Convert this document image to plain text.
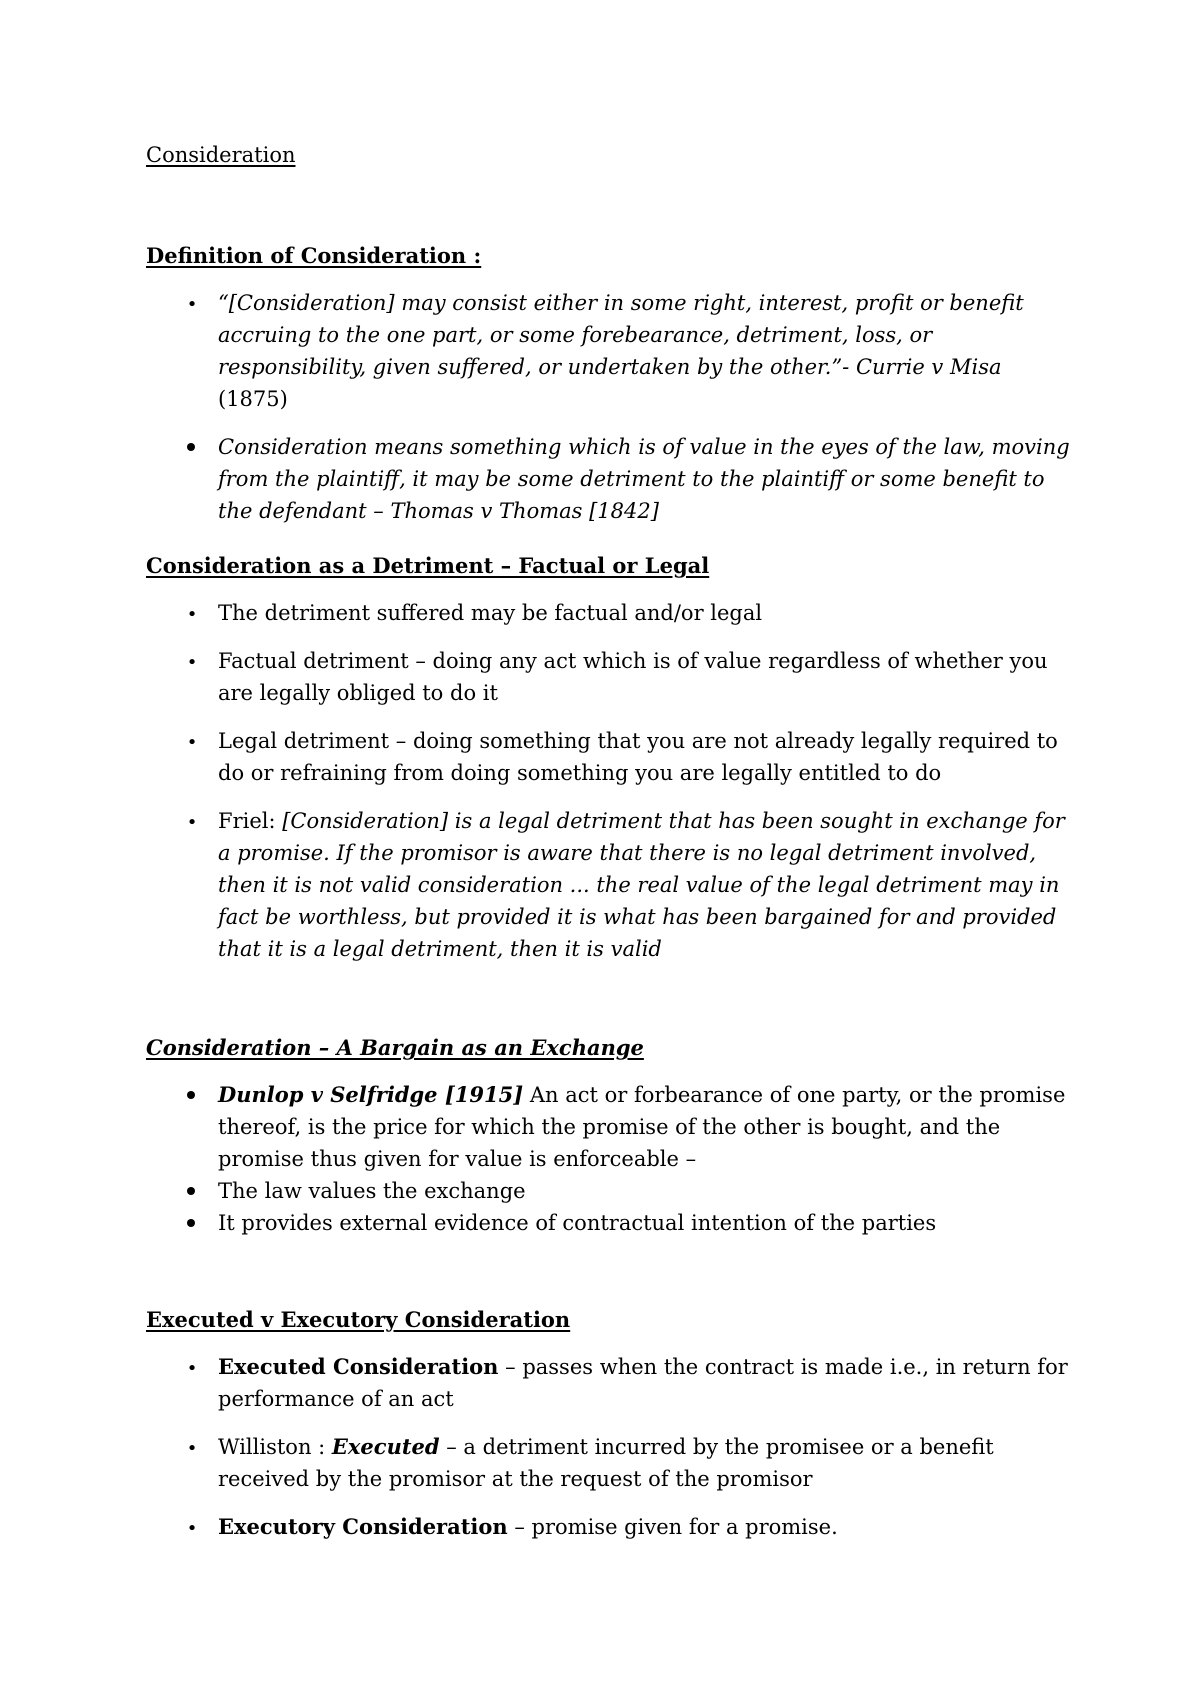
Consideration
Definition of Consideration :
•
“[Consideration] may consist either in some right, interest, profit or benefit accruing to the one part, or some forebearance, detriment, loss, or responsibility, given suffered, or undertaken by the other.”- Currie v Misa (1875)
Consideration means something which is of value in the eyes of the law, moving from the plaintiff, it may be some detriment to the plaintiff or some benefit to the defendant – Thomas v Thomas [1842]
Consideration as a Detriment – Factual or Legal
•
The detriment suffered may be factual and/or legal
•
Factual detriment – doing any act which is of value regardless of whether you are legally obliged to do it
•
Legal detriment – doing something that you are not already legally required to do or refraining from doing something you are legally entitled to do
•
Friel: [Consideration] is a legal detriment that has been sought in exchange for a promise. If the promisor is aware that there is no legal detriment involved, then it is not valid consideration ... the real value of the legal detriment may in fact be worthless, but provided it is what has been bargained for and provided that it is a legal detriment, then it is valid
Consideration – A Bargain as an Exchange
Dunlop v Selfridge [1915] An act or forbearance of one party, or the promise thereof, is the price for which the promise of the other is bought, and the promise thus given for value is enforceable –
The law values the exchange
It provides external evidence of contractual intention of the parties
Executed v Executory Consideration
•
Executed Consideration – passes when the contract is made i.e., in return for performance of an act
•
Williston : Executed – a detriment incurred by the promisee or a benefit received by the promisor at the request of the promisor
•
Executory Consideration – promise given for a promise.
